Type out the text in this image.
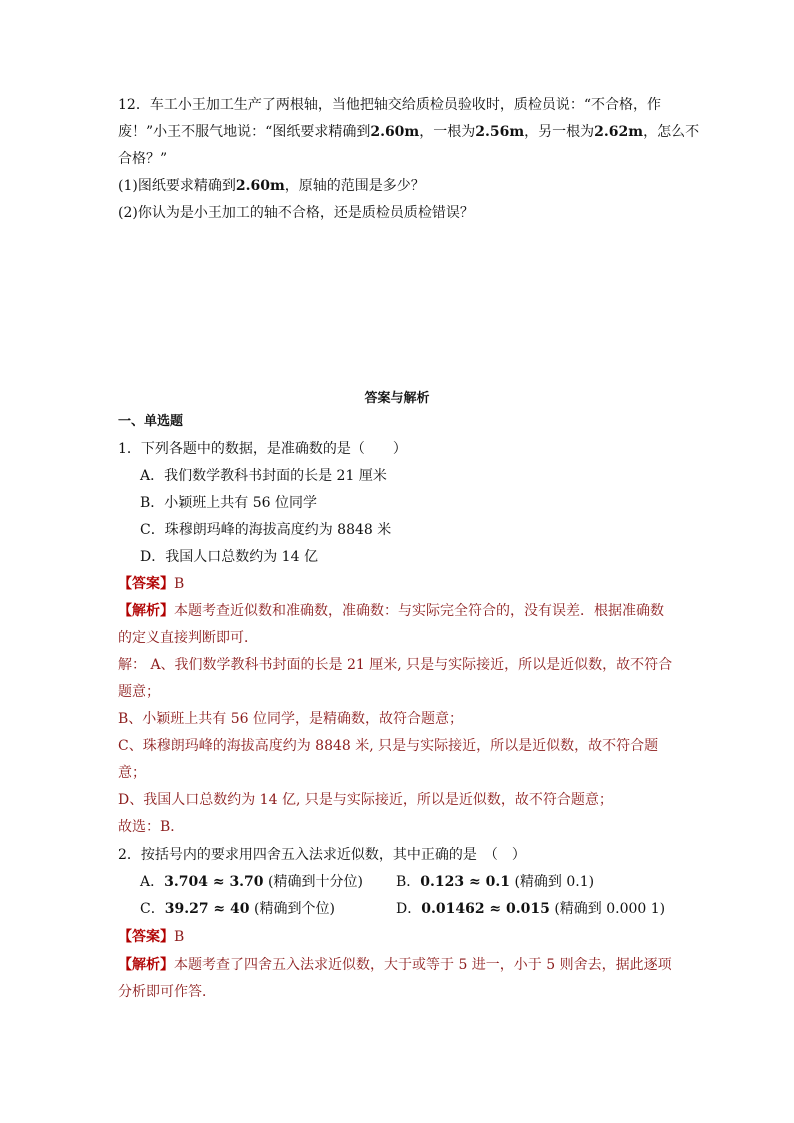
12．车工小王加工生产了两根轴，当他把轴交给质检员验收时，质检员说：“不合格，作
废！”小王不服气地说：“图纸要求精确到2.60m，一根为2.56m，另一根为2.62m，怎么不
合格？”
(1)图纸要求精确到2.60m，原轴的范围是多少？
(2)你认为是小王加工的轴不合格，还是质检员质检错误？
答案与解析
一、单选题
1．下列各题中的数据，是准确数的是（　　）
A．我们数学教科书封面的长是 21 厘米
B．小颖班上共有 56 位同学
C．珠穆朗玛峰的海拔高度约为 8848 米
D．我国人口总数约为 14 亿
【答案】B
【解析】本题考查近似数和准确数，准确数：与实际完全符合的，没有误差．根据准确数
的定义直接判断即可．
解： A、我们数学教科书封面的长是 21 厘米, 只是与实际接近，所以是近似数，故不符合
题意；
B、小颖班上共有 56 位同学，是精确数，故符合题意；
C、珠穆朗玛峰的海拔高度约为 8848 米, 只是与实际接近，所以是近似数，故不符合题
意；
D、我国人口总数约为 14 亿, 只是与实际接近，所以是近似数，故不符合题意；
故选：B．
2．按括号内的要求用四舍五入法求近似数，其中正确的是　（　）
A．3.704 ≈ 3.70 (精确到十分位) B．0.123 ≈ 0.1 (精确到 0.1)
C．39.27 ≈ 40 (精确到个位)	D．0.01462 ≈ 0.015 (精确到 0.000 1)
【答案】B
【解析】本题考查了四舍五入法求近似数，大于或等于 5 进一，小于 5 则舍去，据此逐项
分析即可作答．
